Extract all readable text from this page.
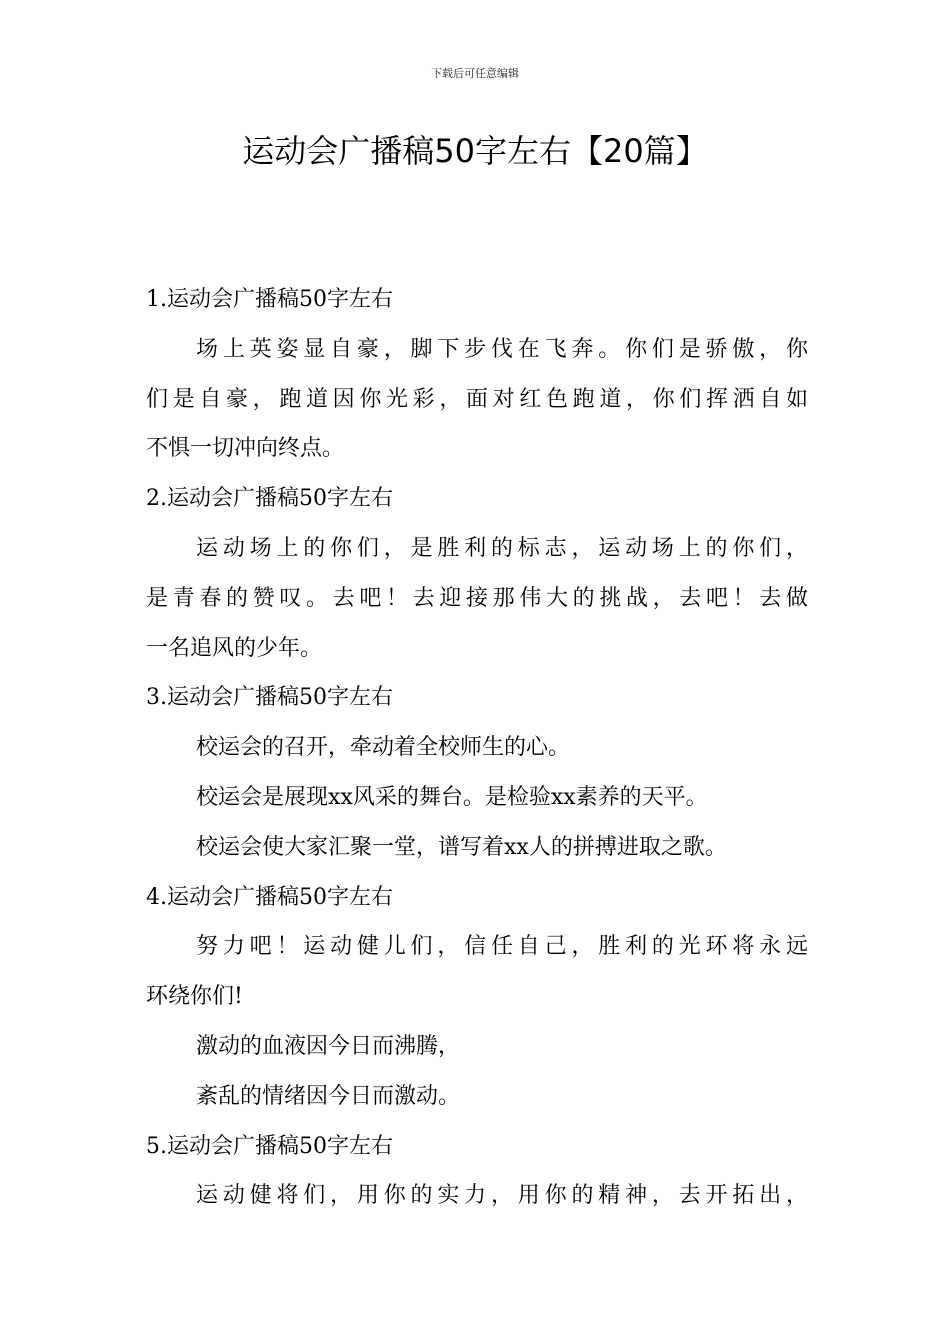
下载后可任意编辑
运动会广播稿50字左右【20篇】
1.运动会广播稿50字左右
场上英姿显自豪，脚下步伐在飞奔。你们是骄傲，你
们是自豪，跑道因你光彩，面对红色跑道，你们挥洒自如
不惧一切冲向终点。
2.运动会广播稿50字左右
运动场上的你们，是胜利的标志，运动场上的你们，
是青春的赞叹。去吧！去迎接那伟大的挑战，去吧！去做
一名追风的少年。
3.运动会广播稿50字左右
校运会的召开，牵动着全校师生的心。
校运会是展现xx风采的舞台。是检验xx素养的天平。
校运会使大家汇聚一堂，谱写着xx人的拼搏进取之歌。
4.运动会广播稿50字左右
努力吧！运动健儿们，信任自己，胜利的光环将永远
环绕你们!
激动的血液因今日而沸腾，
紊乱的情绪因今日而激动。
5.运动会广播稿50字左右
运动健将们，用你的实力，用你的精神，去开拓出，
